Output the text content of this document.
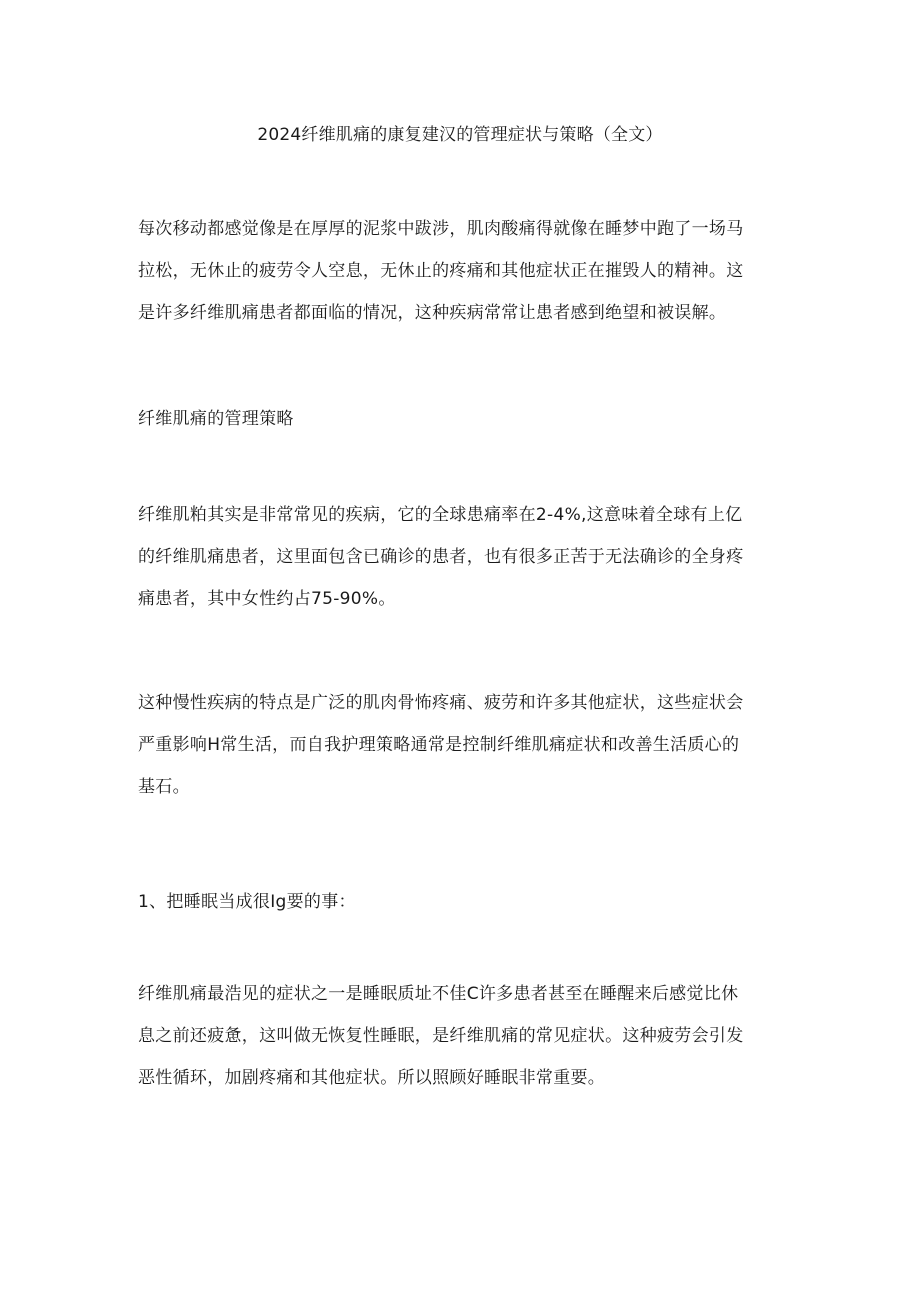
2024纤维肌痛的康复建汉的管理症状与策略（全文）
每次移动都感觉像是在厚厚的泥浆中跋涉，肌肉酸痛得就像在睡梦中跑了一场马
拉松，无休止的疲劳令人空息，无休止的疼痛和其他症状正在摧毁人的精神。这
是许多纤维肌痛患者都面临的情况，这种疾病常常让患者感到绝望和被误解。
纤维肌痛的管理策略
纤维肌粕其实是非常常见的疾病，它的全球患痛率在2-4%,这意味着全球有上亿
的纤维肌痛患者，这里面包含已确诊的患者，也有很多正苦于无法确诊的全身疼
痛患者，其中女性约占75-90%。
这种慢性疾病的特点是广泛的肌肉骨怖疼痛、疲劳和许多其他症状，这些症状会
严重影响H常生活，而自我护理策略通常是控制纤维肌痛症状和改善生活质心的
基石。
1、把睡眠当成很Ig要的事：
纤维肌痛最浩见的症状之一是睡眠质址不佳C许多患者甚至在睡醒来后感觉比休
息之前还疲惫，这叫做无恢复性睡眠，是纤维肌痛的常见症状。这种疲劳会引发
恶性循环，加剧疼痛和其他症状。所以照顾好睡眠非常重要。
